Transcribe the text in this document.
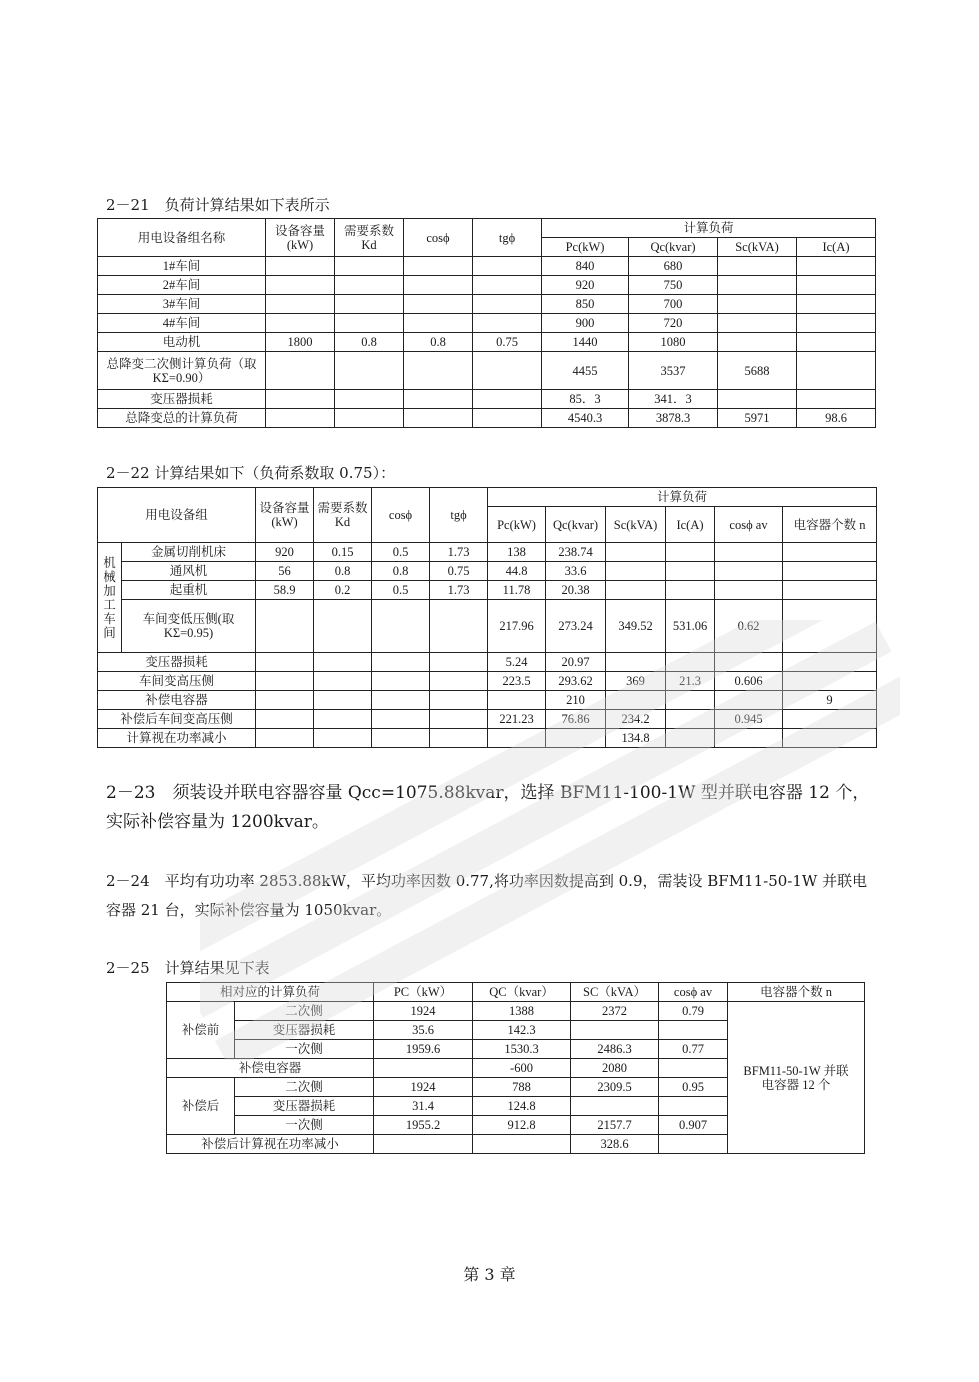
2－21　负荷计算结果如下表所示
用电设备组名称	设备容量(kW)	需要系数 Kd	cosϕ	tgϕ	计算负荷			
					Pc(kW)	Qc(kvar)	Sc(kVA)	Ic(A)
1#车间					840	680		
2#车间					920	750		
3#车间					850	700		
4#车间					900	720		
电动机	1800	0.8	0.8	0.75	1440	1080		
总降变二次侧计算负荷（取KΣ=0.90）					4455	3537	5688	
变压器损耗					85．3	341．3		
总降变总的计算负荷					4540.3	3878.3	5971	98.6
2－22 计算结果如下（负荷系数取 0.75）：
用电设备组		设备容量(kW)	需要系数 Kd	cosϕ	tgϕ	计算负荷					
						Pc(kW)	Qc(kvar)	Sc(kVA)	Ic(A)	cosϕ av	电容器个数 n
机械加工车间	金属切削机床	920	0.15	0.5	1.73	138	238.74				
	通风机	56	0.8	0.8	0.75	44.8	33.6				
	起重机	58.9	0.2	0.5	1.73	11.78	20.38				
	车间变低压侧(取KΣ=0.95)					217.96	273.24	349.52	531.06	0.62	
变压器损耗						5.24	20.97				
车间变高压侧						223.5	293.62	369	21.3	0.606	
补偿电容器							210				9
补偿后车间变高压侧						221.23	76.86	234.2		0.945	
计算视在功率减小								134.8			
2－23　须装设并联电容器容量 Qcc=1075.88kvar，选择 BFM11-100-1W 型并联电容器 12 个，实际补偿容量为 1200kvar。
2－24　平均有功功率 2853.88kW，平均功率因数 0.77,将功率因数提高到 0.9，需装设 BFM11-50-1W 并联电容器 21 台，实际补偿容量为 1050kvar。
2－25　计算结果见下表
相对应的计算负荷		PC（kW）	QC（kvar）	SC（kVA）	cosϕ av	电容器个数 n
补偿前	二次侧	1924	1388	2372	0.79	BFM11-50-1W 并联电容器 12 个
	变压器损耗	35.6	142.3			
	一次侧	1959.6	1530.3	2486.3	0.77	
补偿电容器			-600	2080		
补偿后	二次侧	1924	788	2309.5	0.95	
	变压器损耗	31.4	124.8			
	一次侧	1955.2	912.8	2157.7	0.907	
补偿后计算视在功率减小				328.6		
第 3 章
